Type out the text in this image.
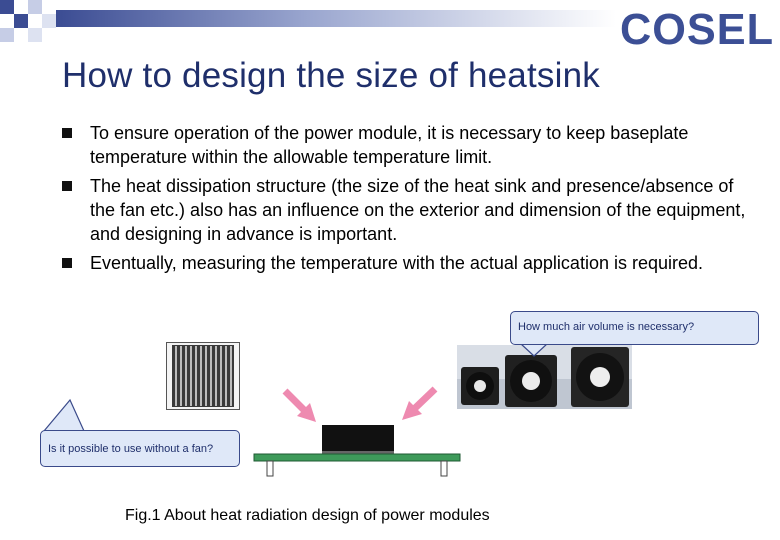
COSEL
How to design the size of heatsink
To ensure operation of the power module, it is necessary to keep baseplate temperature within the allowable temperature limit.
The heat dissipation structure (the size of the heat sink and presence/absence of the fan etc.) also has an influence on the exterior and dimension of the equipment, and designing in advance is important.
Eventually, measuring the temperature with the actual application is required.
How much air volume is necessary?
Is it possible to use without a fan?
Fig.1 About heat radiation design of power modules
